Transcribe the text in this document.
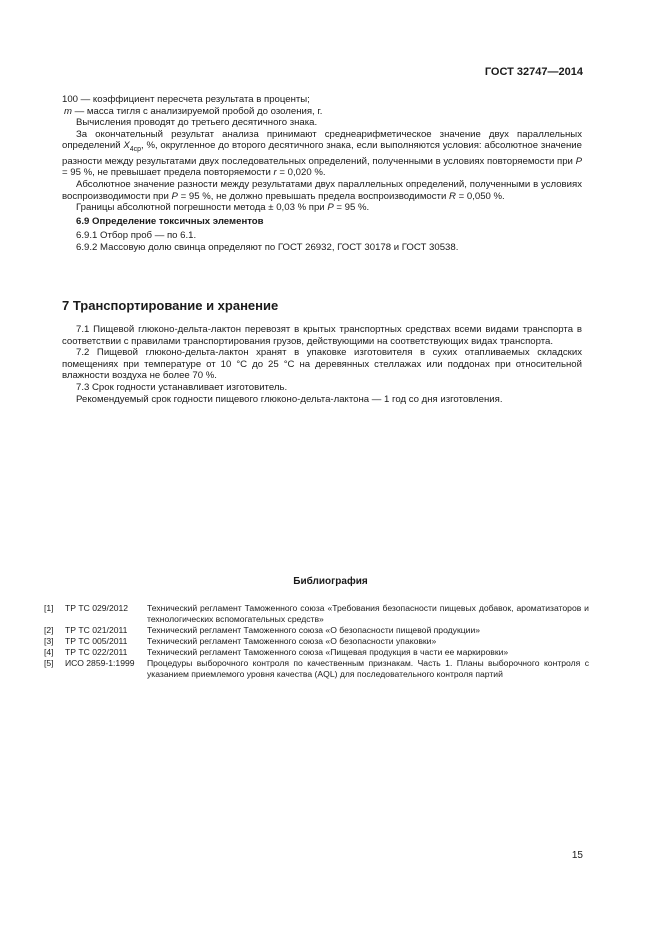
ГОСТ 32747—2014

100 — коэффициент пересчета результата в проценты;

m — масса тигля с анализируемой пробой до озоления, г.

Вычисления проводят до третьего десятичного знака.

За окончательный результат анализа принимают среднеарифметическое значение двух параллельных определений $X_{4ср}$, %, округленное до второго десятичного знака, если выполняются условия: абсолютное значение разности между результатами двух последовательных определений, полученными в условиях повторяемости при P = 95 %, не превышает предела повторяемости r = 0,020 %.

Абсолютное значение разности между результатами двух параллельных определений, полученными в условиях воспроизводимости при P = 95 %, не должно превышать предела воспроизводимости R = 0,050 %.

Границы абсолютной погрешности метода ± 0,03 % при P = 95 %.

6.9 Определение токсичных элементов

6.9.1 Отбор проб — по 6.1.

6.9.2 Массовую долю свинца определяют по ГОСТ 26932, ГОСТ 30178 и ГОСТ 30538.

7 Транспортирование и хранение

7.1 Пищевой глюконо-дельта-лактон перевозят в крытых транспортных средствах всеми видами транспорта в соответствии с правилами транспортирования грузов, действующими на соответствующих видах транспорта.

7.2 Пищевой глюконо-дельта-лактон хранят в упаковке изготовителя в сухих отапливаемых складских помещениях при температуре от 10 °С до 25 °С на деревянных стеллажах или поддонах при относительной влажности воздуха не более 70 %.

7.3 Срок годности устанавливает изготовитель.

Рекомендуемый срок годности пищевого глюконо-дельта-лактона — 1 год со дня изготовления.

Библиография
[1]	ТР ТС 029/2012	Технический регламент Таможенного союза «Требования безопасности пищевых добавок, ароматизаторов и технологических вспомогательных средств»
[2]	ТР ТС 021/2011	Технический регламент Таможенного союза «О безопасности пищевой продукции»
[3]	ТР ТС 005/2011	Технический регламент Таможенного союза «О безопасности упаковки»
[4]	ТР ТС 022/2011	Технический регламент Таможенного союза «Пищевая продукция в части ее маркировки»
[5]	ИСО 2859-1:1999	Процедуры выборочного контроля по качественным признакам. Часть 1. Планы выборочного контроля с указанием приемлемого уровня качества (AQL) для последовательного контроля партий
15
